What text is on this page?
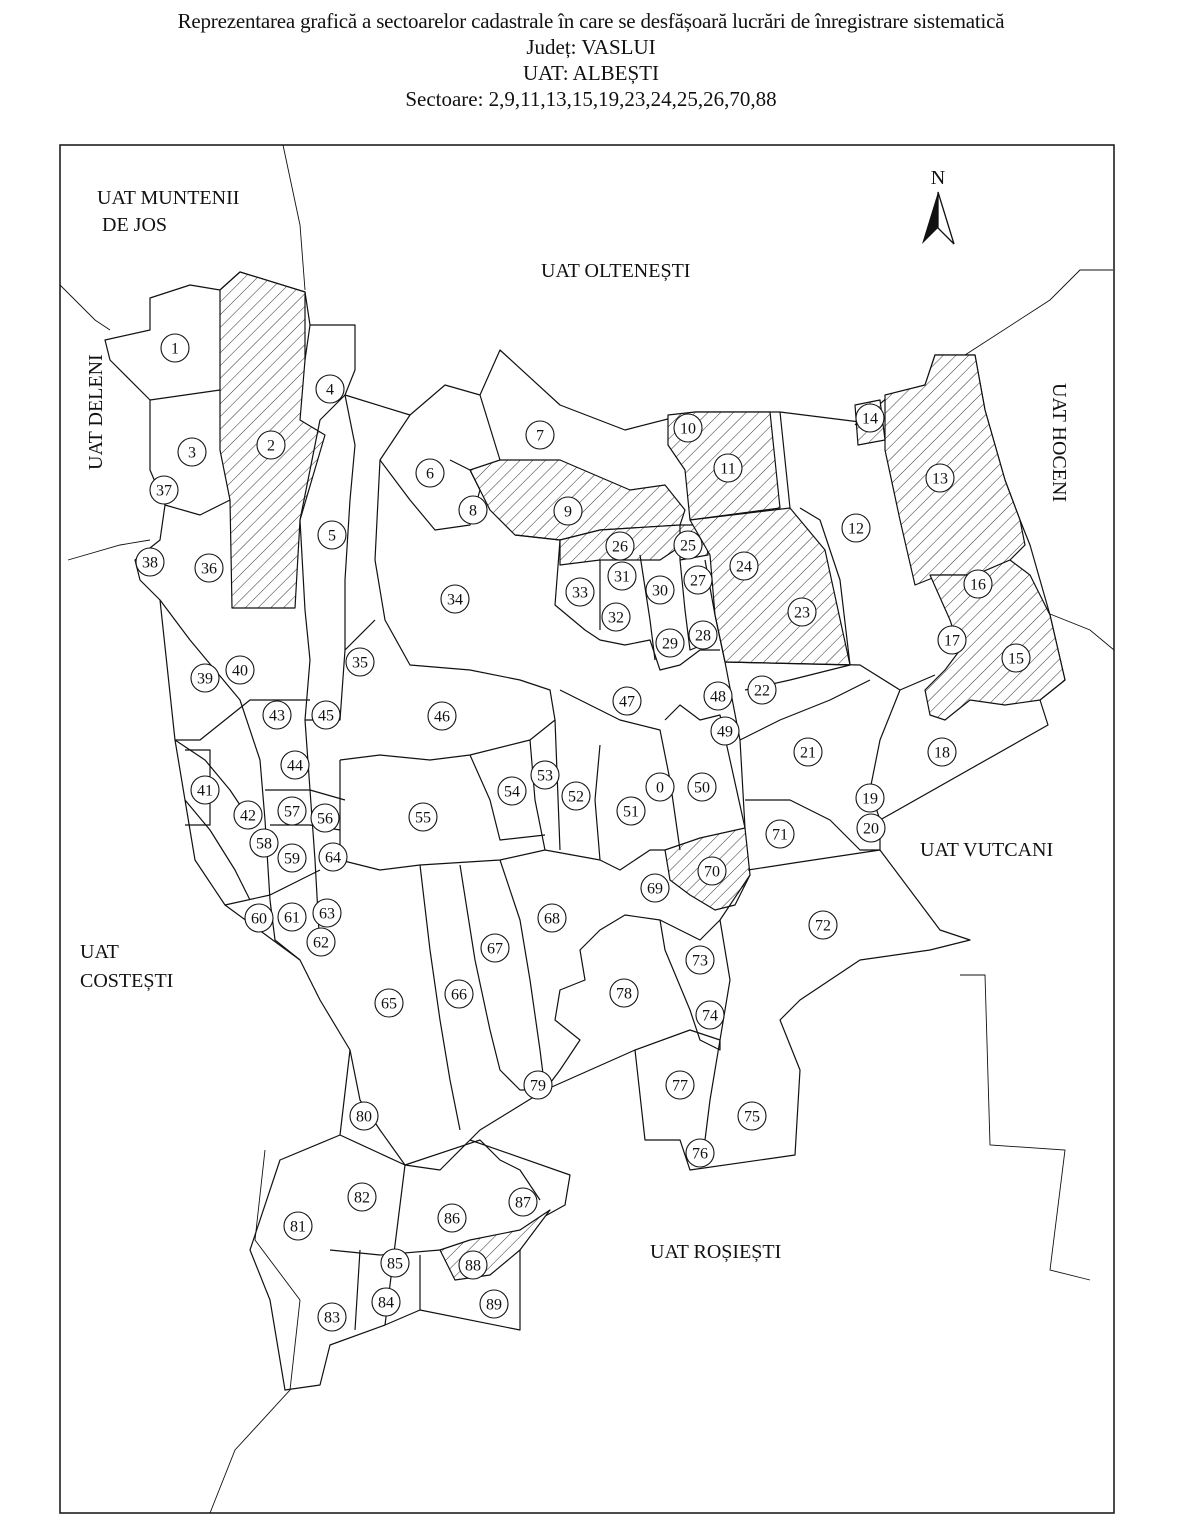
Reprezentarea grafică a sectoarelor cadastrale în care se desfășoară lucrări de înregistrare sistematică
Județ: VASLUI
UAT: ALBEȘTI
Sectoare: 2,9,11,13,15,19,23,24,25,26,70,88
N
UAT MUNTENII
DE JOS
UAT OLTENEȘTI
UAT DELENI	UAT HOCENI
UAT VUTCANI
UAT
COSTEȘTI
UAT ROȘIEȘTI
0
1
2
3
4
5
6
7
8	9
10
11
12
13
14
15
16
17
18
19
20
21
22
23
24
25
26
27
28
29
30
31
32
33
34
35
36
37
38
39 40
41
42
43
44
45	46
47	48
49
50
51
52
53
54
55
56
57
58
59
60 61
62
63
64
65
66
67
68
69
70
71
72
73
74
75
76
77
78
79
80
81
82
83
84
85
86
87
88
89
